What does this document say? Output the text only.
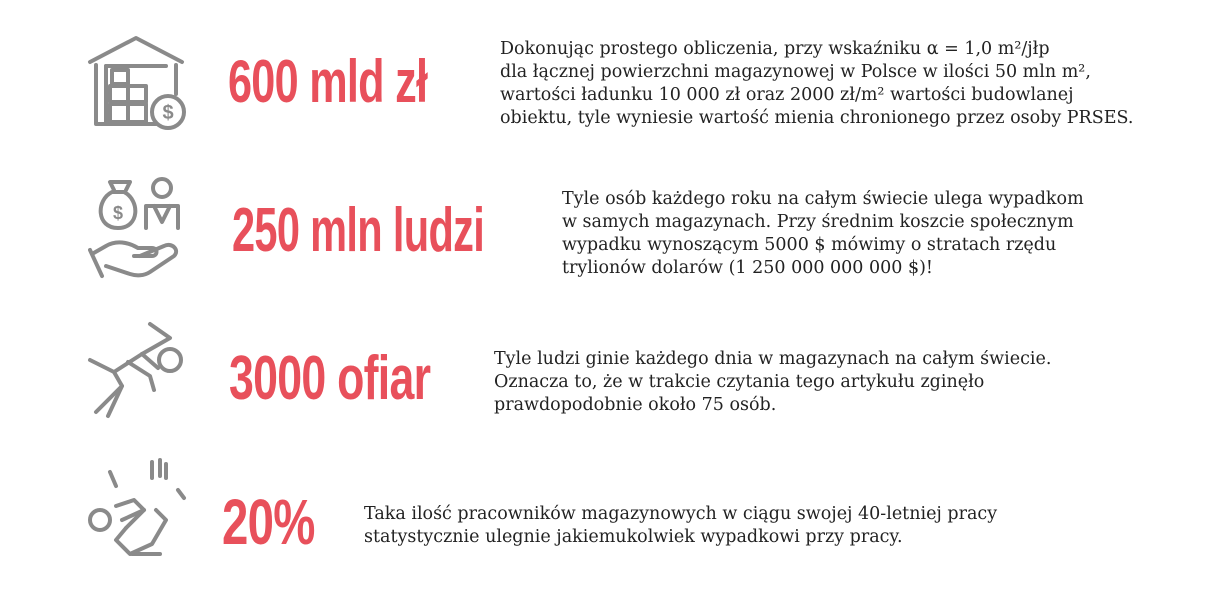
$ 600 mld zł	Dokonując prostego obliczenia, przy wskaźniku α = 1,0 m²/jłp
dla łącznej powierzchni magazynowej w Polsce w ilości 50 mln m²,
wartości ładunku 10 000 zł oraz 2000 zł/m² wartości budowlanej
obiektu, tyle wyniesie wartość mienia chronionego przez osoby PRSES.
$ 250 mln ludzi	Tyle osób każdego roku na całym świecie ulega wypadkom
w samych magazynach. Przy średnim koszcie społecznym
wypadku wynoszącym 5000 $ mówimy o stratach rzędu
trylionów dolarów (1 250 000 000 000 $)!
3000 ofiar	Tyle ludzi ginie każdego dnia w magazynach na całym świecie.
Oznacza to, że w trakcie czytania tego artykułu zginęło
prawdopodobnie około 75 osób.
20%	Taka ilość pracowników magazynowych w ciągu swojej 40-letniej pracy
statystycznie ulegnie jakiemukolwiek wypadkowi przy pracy.
